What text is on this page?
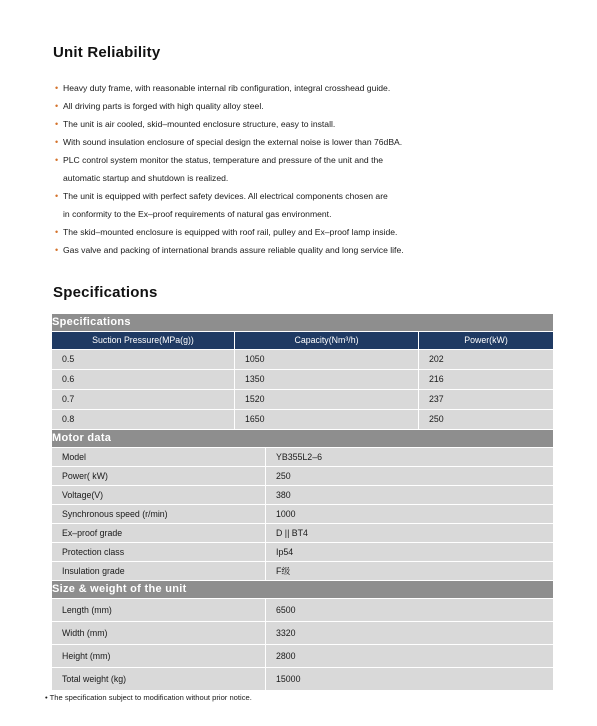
Unit Reliability
• Heavy duty frame, with reasonable internal rib configuration, integral crosshead guide.
• All driving parts is forged with high quality alloy steel.
• The unit is air cooled, skid–mounted enclosure structure, easy to install.
• With sound insulation enclosure of special design the external noise is lower than 76dBA.
• PLC control system monitor the status, temperature and pressure of the unit and the
automatic startup and shutdown is realized.
• The unit is equipped with perfect safety devices. All electrical components chosen are
in conformity to the Ex–proof requirements of natural gas environment.
• The skid–mounted enclosure is equipped with roof rail, pulley and Ex–proof lamp inside.
• Gas valve and packing of international brands assure reliable quality and long service life.
Specifications
Specifications
Suction Pressure(MPa(g))	Capacity(Nm³/h)	Power(kW)
0.5	1050	202
0.6	1350	216
0.7	1520	237
0.8	1650	250
Motor data
Model	YB355L2–6
Power( kW)	250
Voltage(V)	380
Synchronous speed (r/min)	1000
Ex–proof grade	D || BT4
Protection class	Ip54
Insulation grade	F级
Size & weight of the unit
Length (mm)	6500
Width (mm)	3320
Height (mm)	2800
Total weight (kg)	15000
• The specification subject to modification without prior notice.
